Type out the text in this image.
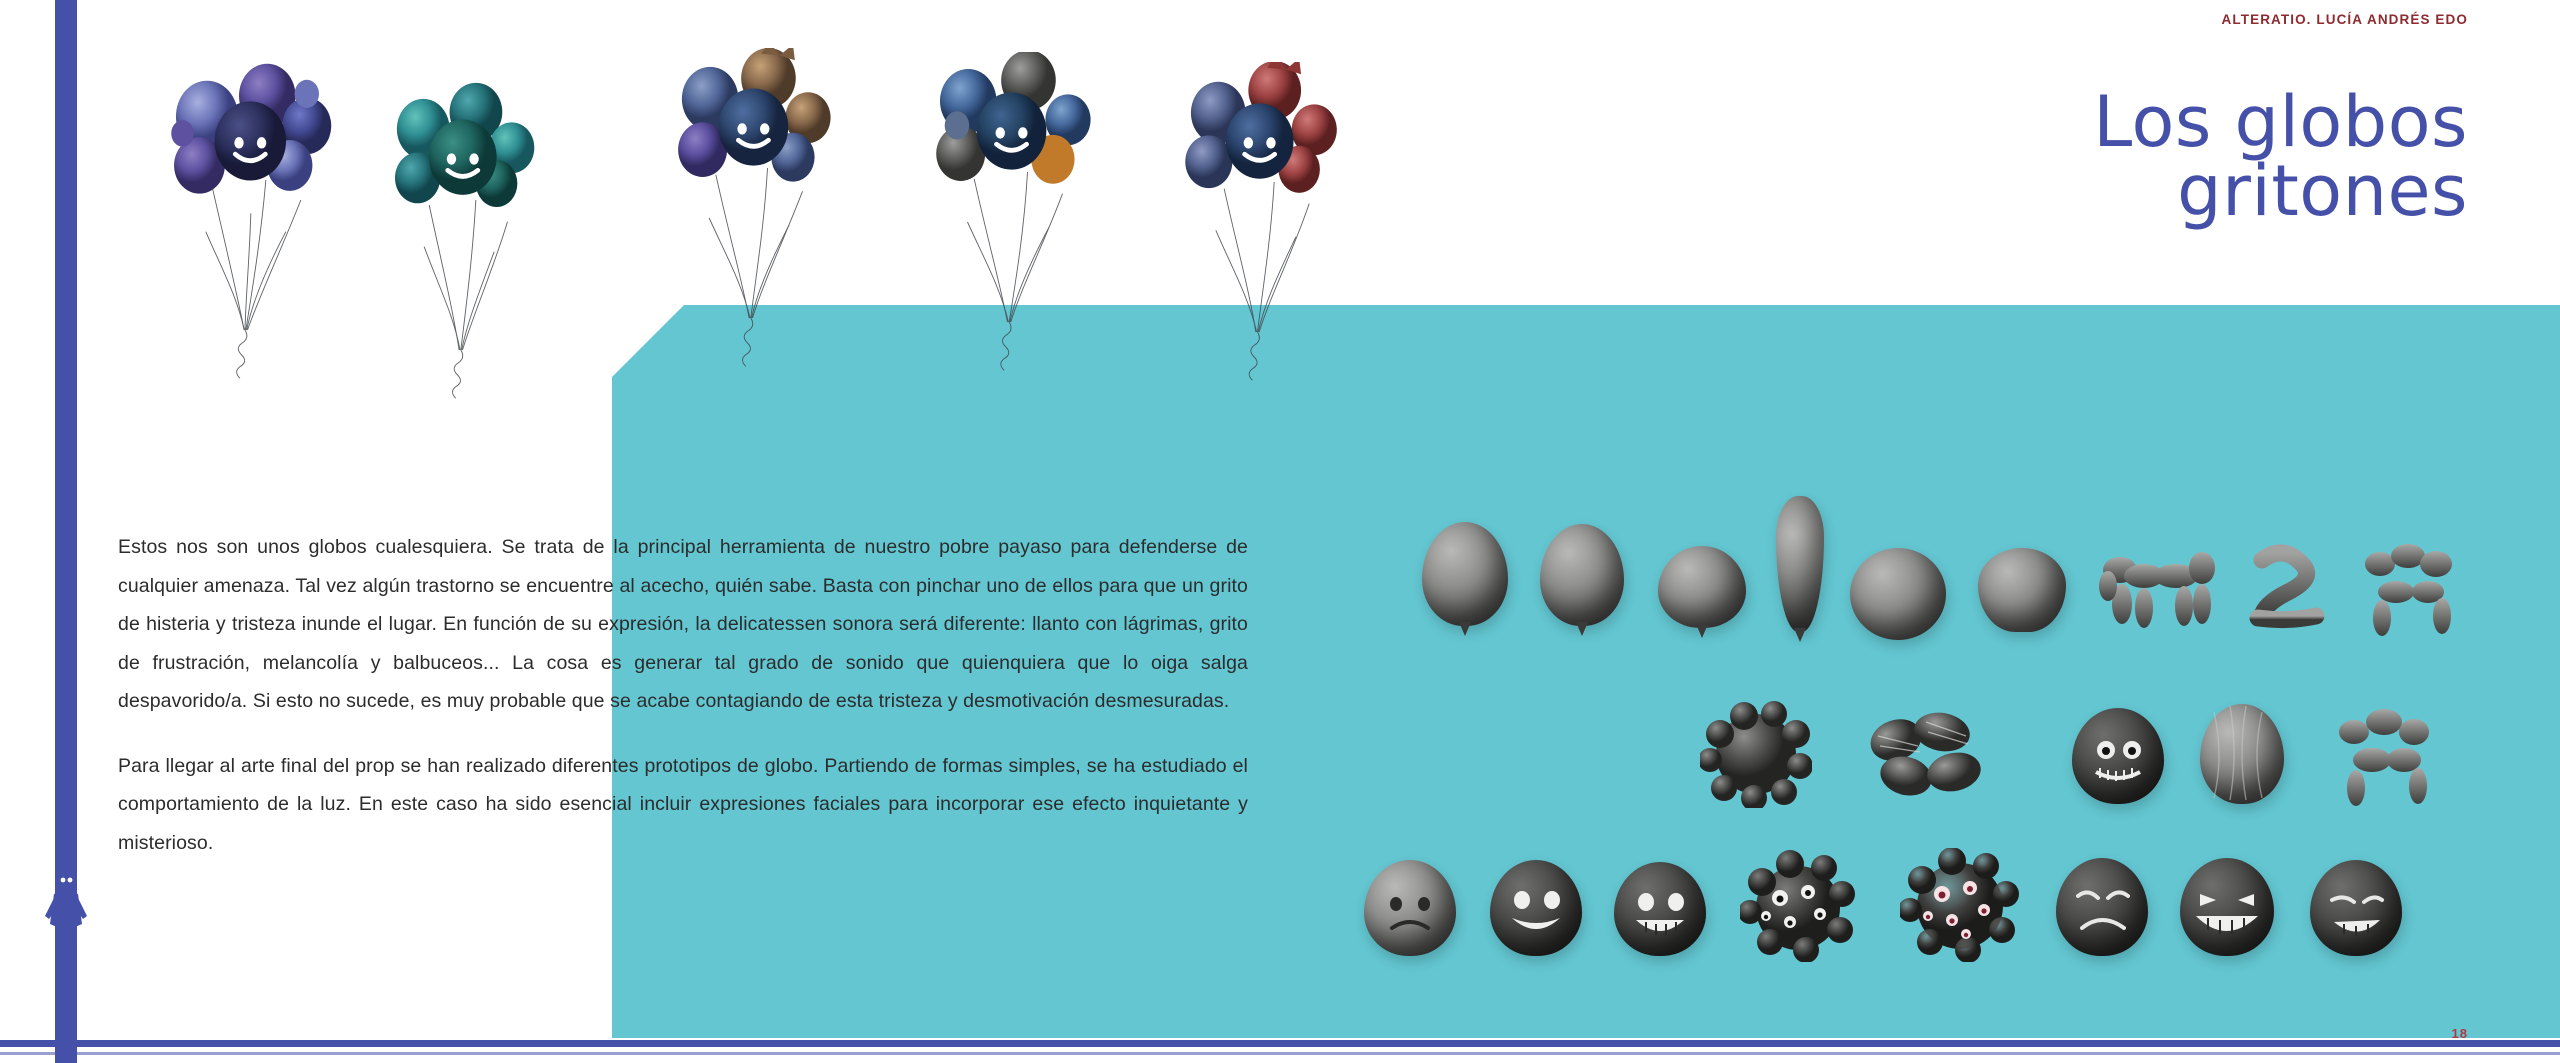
ALTERATIO. LUCÍA ANDRÉS EDO
Los globos
gritones

Estos nos son unos globos cualesquiera. Se trata de la principal herramienta de nuestro pobre payaso para defenderse de cualquier amenaza. Tal vez algún trastorno se encuentre al acecho, quién sabe. Basta con pinchar uno de ellos para que un grito de histeria y tristeza inunde el lugar. En función de su expresión, la delicatessen sonora será diferente: llanto con lágrimas, grito de frustración, melancolía y balbuceos... La cosa es generar tal grado de sonido que quienquiera que lo oiga salga despavorido/a. Si esto no sucede, es muy probable que se acabe contagiando de esta tristeza y desmotivación desmesuradas.

Para llegar al arte final del prop se han realizado diferentes prototipos de globo. Partiendo de formas simples, se ha estudiado el comportamiento de la luz. En este caso ha sido esencial incluir expresiones faciales para incorporar ese efecto inquietante y misterioso.

18
